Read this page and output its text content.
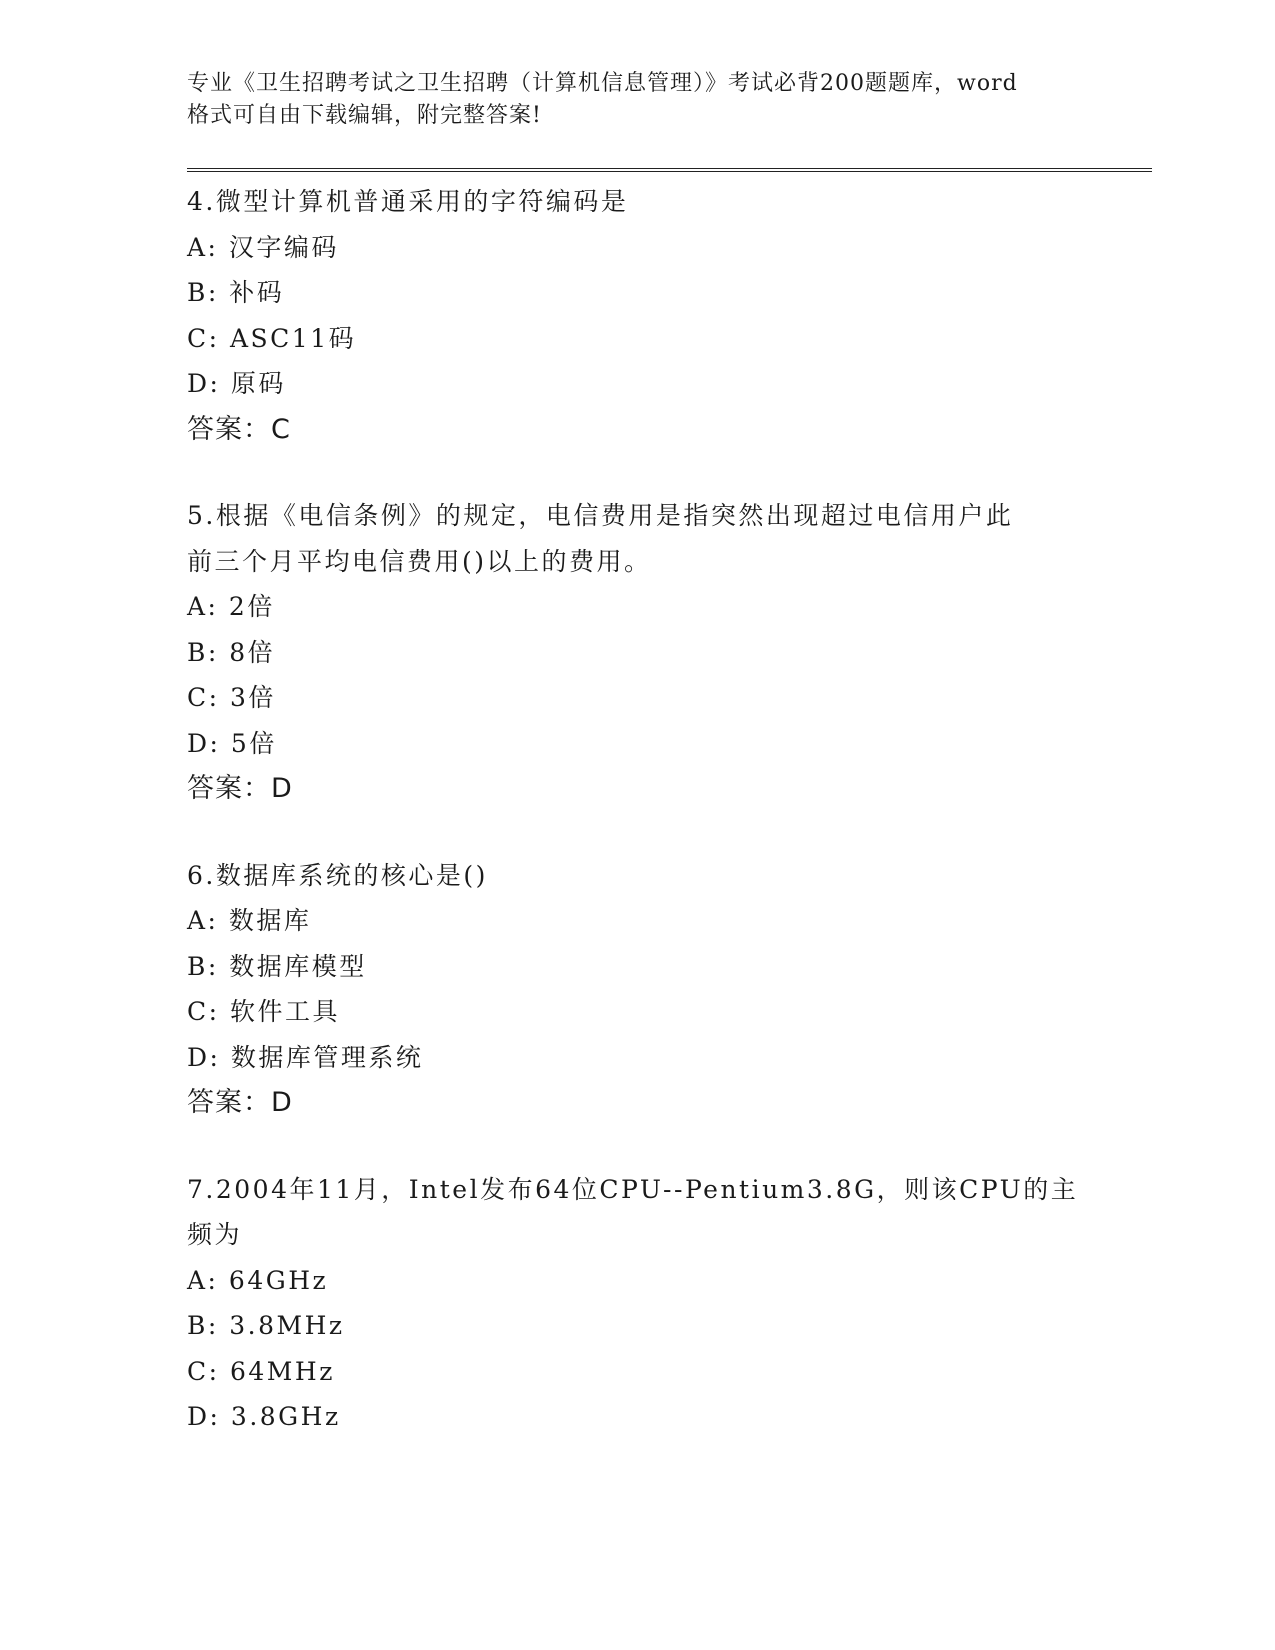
专业《卫生招聘考试之卫生招聘（计算机信息管理）》考试必背200题题库，word
格式可自由下载编辑，附完整答案!
4.微型计算机普通采用的字符编码是
A: 汉字编码
B: 补码
C: ASC11码
D: 原码
答案：C
5.根据《电信条例》的规定，电信费用是指突然出现超过电信用户此
前三个月平均电信费用()以上的费用。
A: 2倍
B: 8倍
C: 3倍
D: 5倍
答案：D
6.数据库系统的核心是()
A: 数据库
B: 数据库模型
C: 软件工具
D: 数据库管理系统
答案：D
7.2004年11月，Intel发布64位CPU--Pentium3.8G，则该CPU的主
频为
A: 64GHz
B: 3.8MHz
C: 64MHz
D: 3.8GHz
